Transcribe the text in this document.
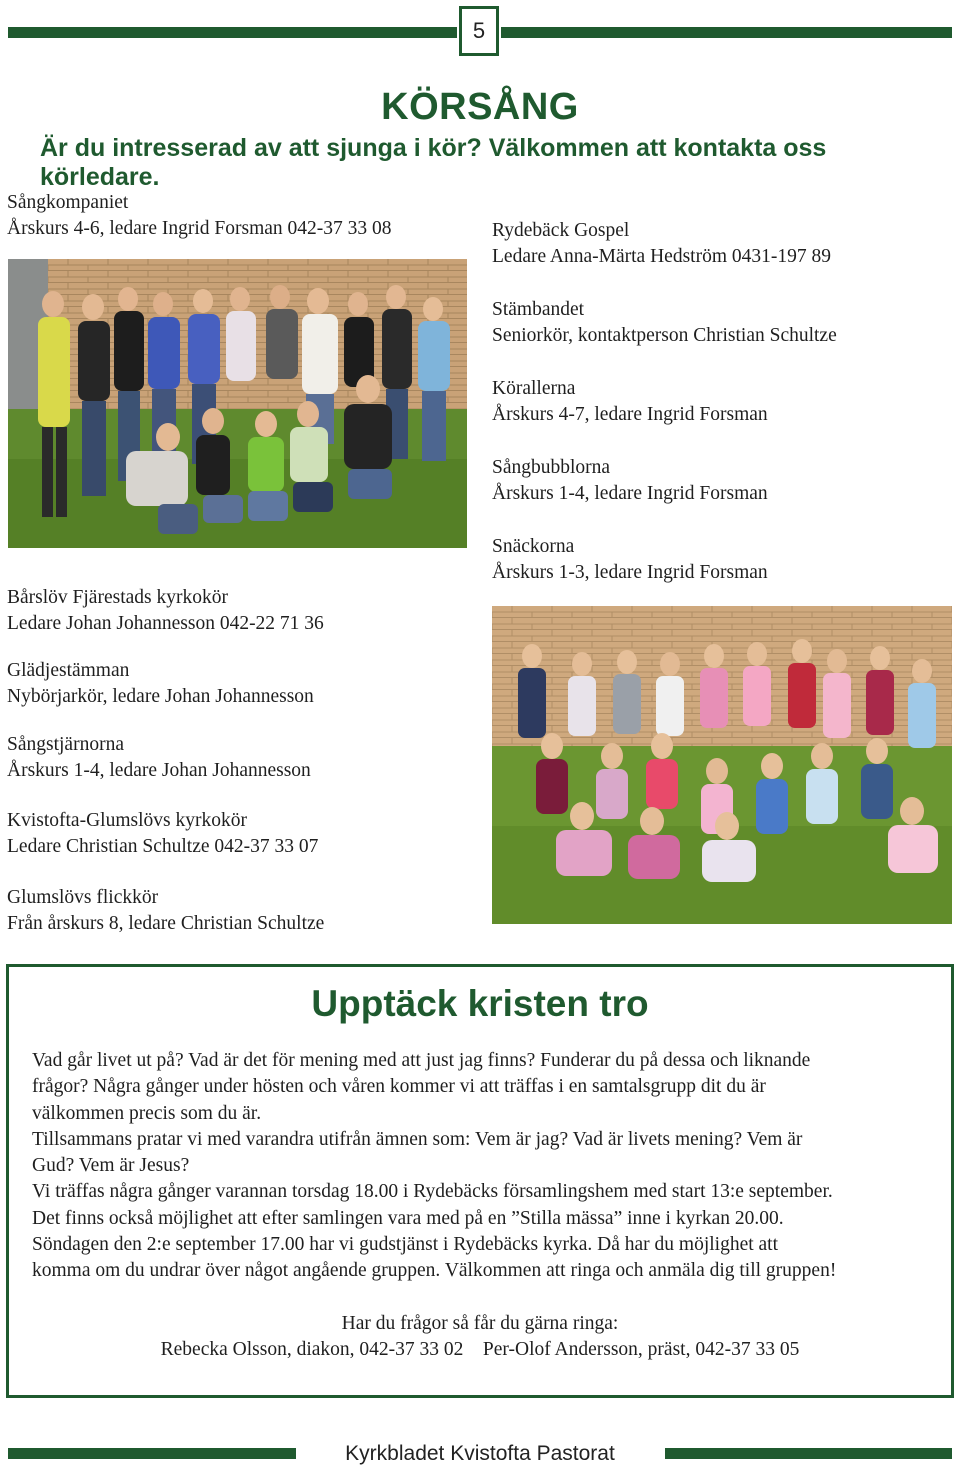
5
KÖRSÅNG
Är du intresserad av att sjunga i kör? Välkommen att kontakta oss körledare.
Sångkompaniet
Årskurs 4-6, ledare Ingrid Forsman 042-37 33 08	Rydebäck Gospel
Ledare Anna-Märta Hedström 0431-197 89
Stämbandet
Seniorkör, kontaktperson Christian Schultze
Körallerna
Årskurs 4-7, ledare Ingrid Forsman
Sångbubblorna
Årskurs 1-4, ledare Ingrid Forsman
Snäckorna
Årskurs 1-3, ledare Ingrid Forsman
Bårslöv Fjärestads kyrkokör
Ledare Johan Johannesson 042-22 71 36
Glädjestämman
Nybörjarkör, ledare Johan Johannesson
Sångstjärnorna
Årskurs 1-4, ledare Johan Johannesson
Kvistofta-Glumslövs kyrkokör
Ledare Christian Schultze 042-37 33 07
Glumslövs flickkör
Från årskurs 8, ledare Christian Schultze
Upptäck kristen tro
Vad går livet ut på? Vad är det för mening med att just jag finns? Funderar du på dessa och liknande
frågor? Några gånger under hösten och våren kommer vi att träffas i en samtalsgrupp dit du är
välkommen precis som du är.
Tillsammans pratar vi med varandra utifrån ämnen som: Vem är jag? Vad är livets mening? Vem är
Gud? Vem är Jesus?
Vi träffas några gånger varannan torsdag 18.00 i Rydebäcks församlingshem med start 13:e september.
Det finns också möjlighet att efter samlingen vara med på en ”Stilla mässa” inne i kyrkan 20.00.
Söndagen den 2:e september 17.00 har vi gudstjänst i Rydebäcks kyrka. Då har du möjlighet att
komma om du undrar över något angående gruppen. Välkommen att ringa och anmäla dig till gruppen!
Har du frågor så får du gärna ringa:
Rebecka Olsson, diakon, 042-37 33 02    Per-Olof Andersson, präst, 042-37 33 05
Kyrkbladet Kvistofta Pastorat
